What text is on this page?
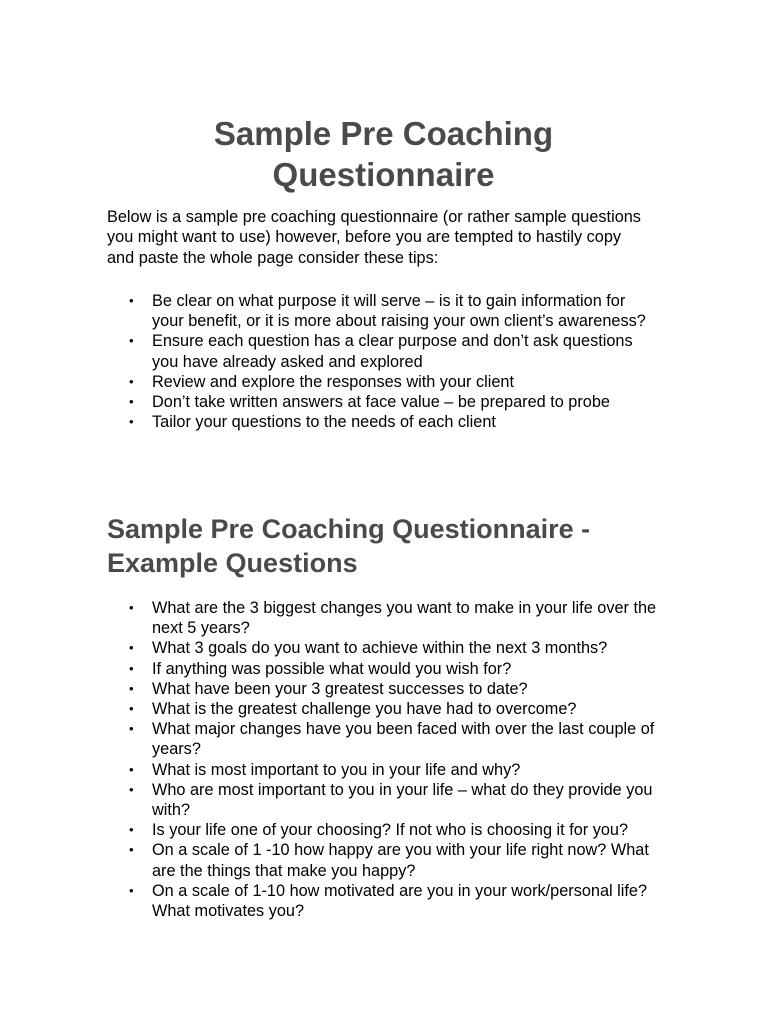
Sample Pre Coaching Questionnaire

Below is a sample pre coaching questionnaire (or rather sample questions you might want to use) however, before you are tempted to hastily copy and paste the whole page consider these tips:

• Be clear on what purpose it will serve – is it to gain information for your benefit, or it is more about raising your own client’s awareness?
• Ensure each question has a clear purpose and don’t ask questions you have already asked and explored
• Review and explore the responses with your client
• Don’t take written answers at face value – be prepared to probe
• Tailor your questions to the needs of each client
Sample Pre Coaching Questionnaire - Example Questions
• What are the 3 biggest changes you want to make in your life over the next 5 years?
• What 3 goals do you want to achieve within the next 3 months?
• If anything was possible what would you wish for?
• What have been your 3 greatest successes to date?
• What is the greatest challenge you have had to overcome?
• What major changes have you been faced with over the last couple of years?
• What is most important to you in your life and why?
• Who are most important to you in your life – what do they provide you with?
• Is your life one of your choosing? If not who is choosing it for you?
• On a scale of 1 -10 how happy are you with your life right now? What are the things that make you happy?
• On a scale of 1-10 how motivated are you in your work/personal life? What motivates you?
